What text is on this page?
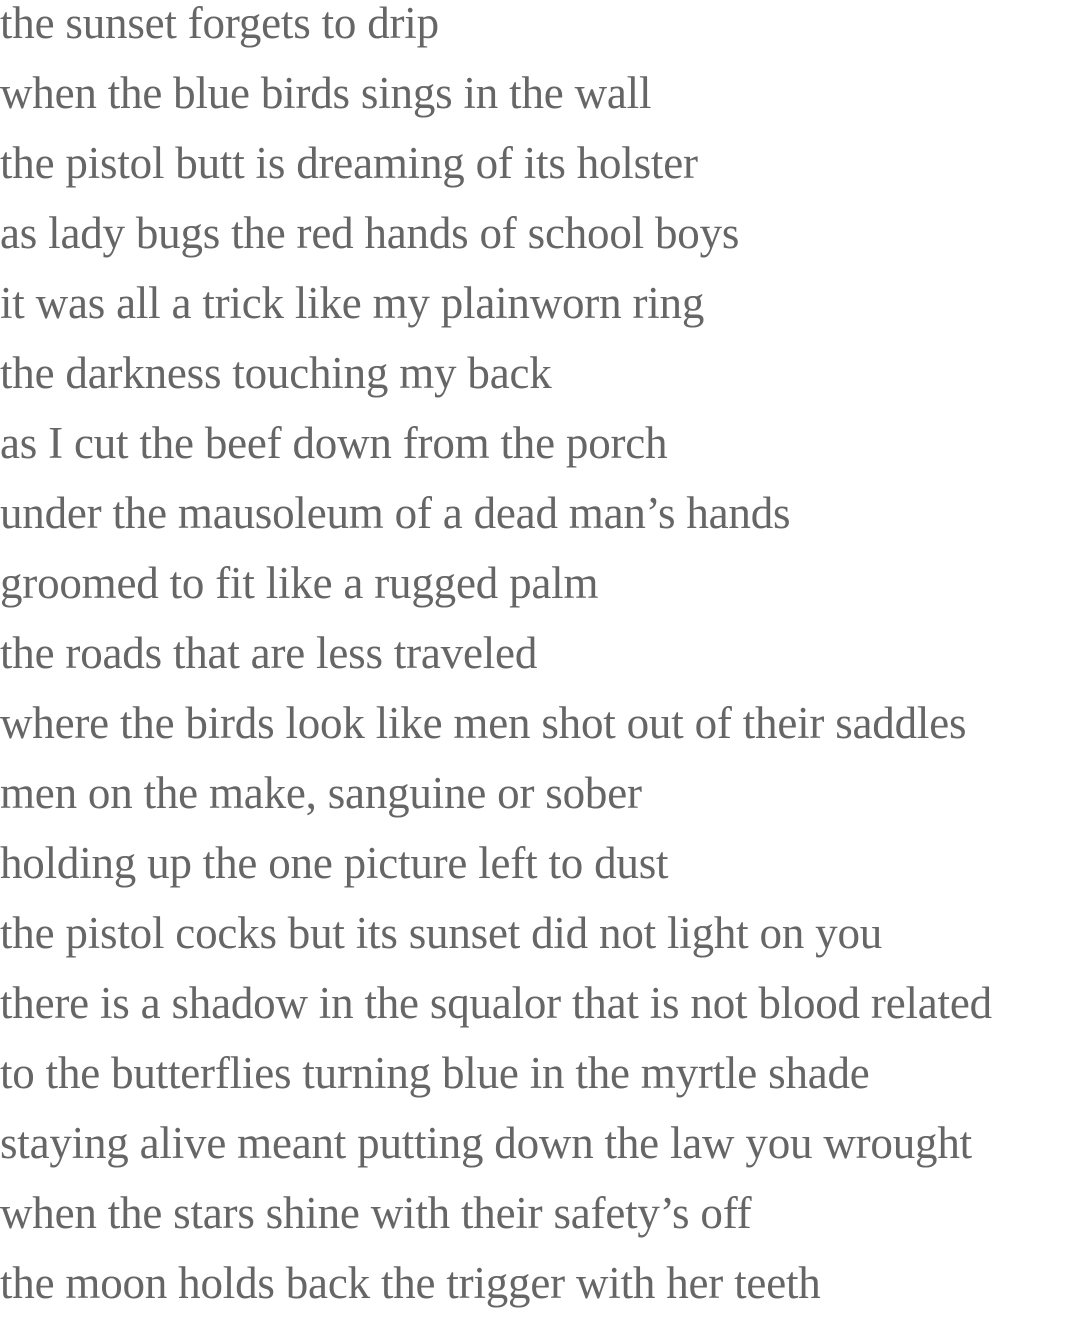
the sunset forgets to drip
when the blue birds sings in the wall
the pistol butt is dreaming of its holster
as lady bugs the red hands of school boys
it was all a trick like my plainworn ring
the darkness touching my back
as I cut the beef down from the porch
under the mausoleum of a dead man’s hands
groomed to fit like a rugged palm
the roads that are less traveled
where the birds look like men shot out of their saddles
men on the make, sanguine or sober
holding up the one picture left to dust
the pistol cocks but its sunset did not light on you
there is a shadow in the squalor that is not blood related
to the butterflies turning blue in the myrtle shade
staying alive meant putting down the law you wrought
when the stars shine with their safety’s off
the moon holds back the trigger with her teeth
